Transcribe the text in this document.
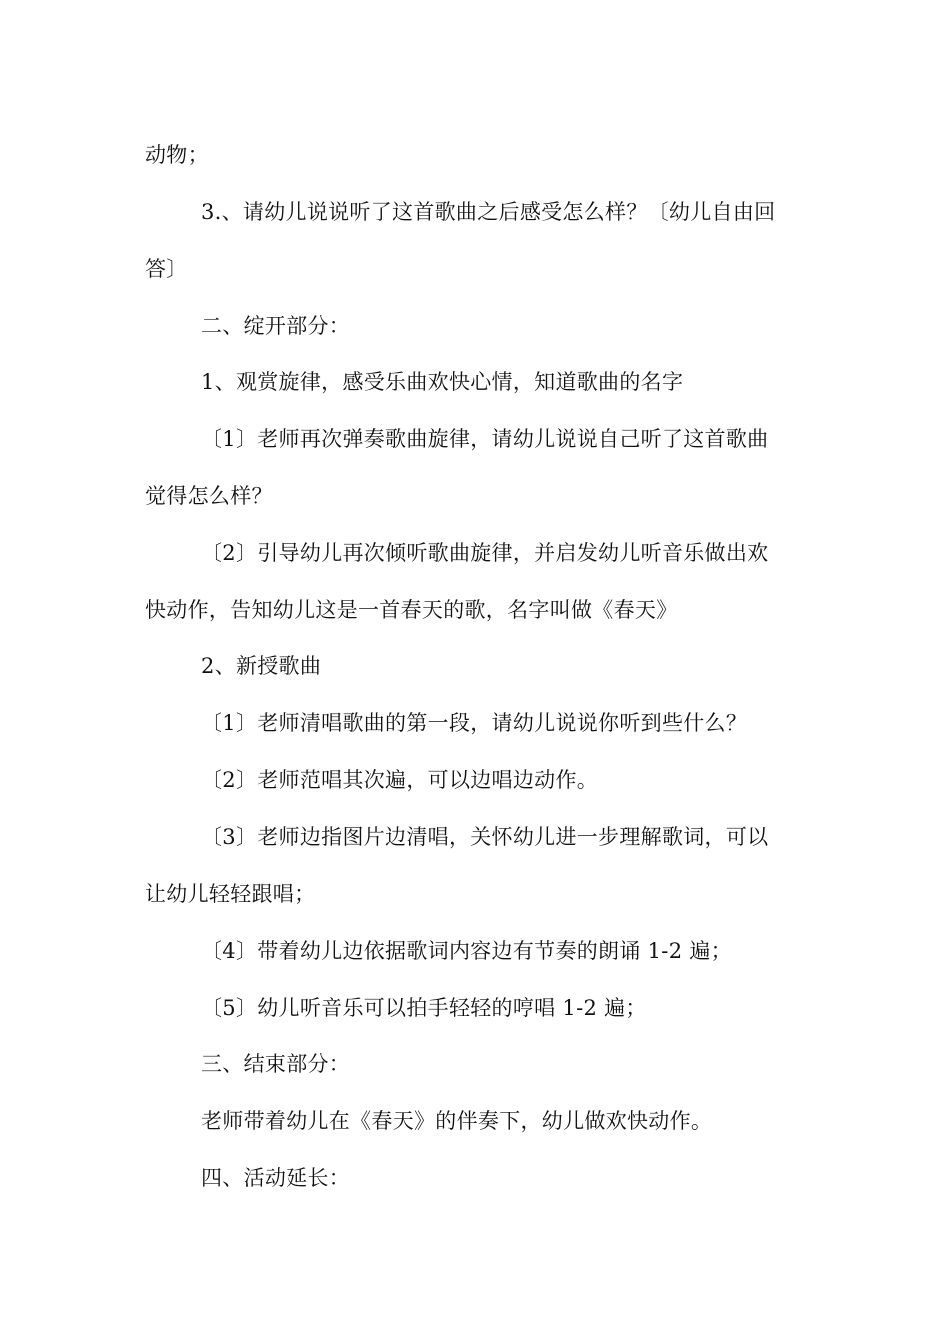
动物；
3.、请幼儿说说听了这首歌曲之后感受怎么样？〔幼儿自由回
答〕
二、绽开部分：
1、观赏旋律，感受乐曲欢快心情，知道歌曲的名字
〔1〕老师再次弹奏歌曲旋律，请幼儿说说自己听了这首歌曲
觉得怎么样？
〔2〕引导幼儿再次倾听歌曲旋律，并启发幼儿听音乐做出欢
快动作，告知幼儿这是一首春天的歌，名字叫做《春天》
2、新授歌曲
〔1〕老师清唱歌曲的第一段，请幼儿说说你听到些什么？
〔2〕老师范唱其次遍，可以边唱边动作。
〔3〕老师边指图片边清唱，关怀幼儿进一步理解歌词，可以
让幼儿轻轻跟唱；
〔4〕带着幼儿边依据歌词内容边有节奏的朗诵 1-2 遍；
〔5〕幼儿听音乐可以拍手轻轻的哼唱 1-2 遍；
三、结束部分：
老师带着幼儿在《春天》的伴奏下，幼儿做欢快动作。
四、活动延长：
